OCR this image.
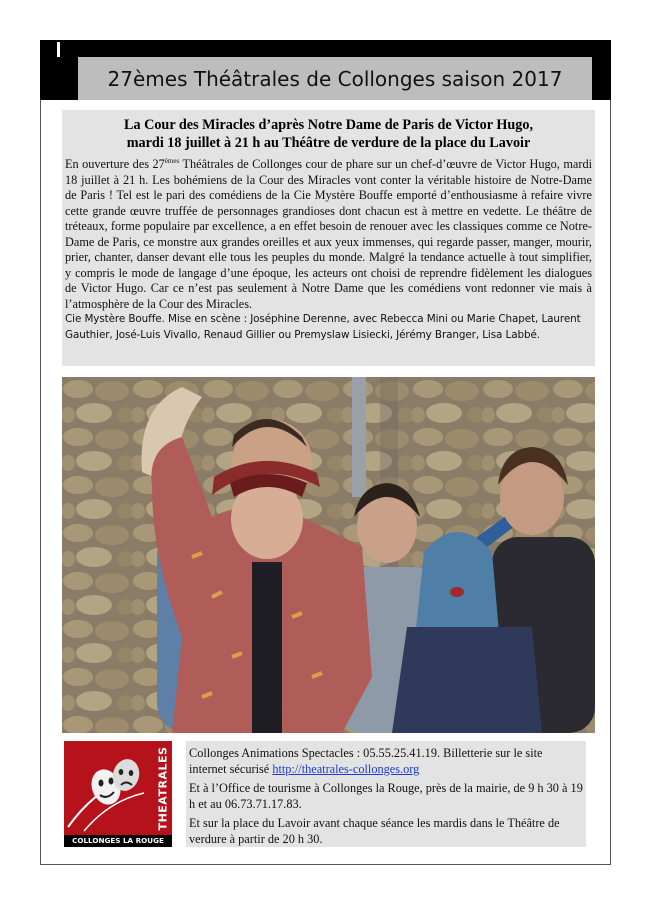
27èmes Théâtrales de Collonges saison 2017

La Cour des Miracles d’après Notre Dame de Paris de Victor Hugo,
mardi 18 juillet à 21 h au Théâtre de verdure de la place du Lavoir

En ouverture des 27èmes Théâtrales de Collonges cour de phare sur un chef-d’œuvre de Victor Hugo, mardi 18 juillet à 21 h. Les bohémiens de la Cour des Miracles vont conter la véritable histoire de Notre-Dame de Paris ! Tel est le pari des comédiens de la Cie Mystère Bouffe emporté d’enthousiasme à refaire vivre cette grande œuvre truffée de personnages grandioses dont chacun est à mettre en vedette. Le théâtre de tréteaux, forme populaire par excellence, a en effet besoin de renouer avec les classiques comme ce Notre-Dame de Paris, ce monstre aux grandes oreilles et aux yeux immenses, qui regarde passer, manger, mourir, prier, chanter, danser devant elle tous les peuples du monde. Malgré la tendance actuelle à tout simplifier, y compris le mode de langage d’une époque, les acteurs ont choisi de reprendre fidèlement les dialogues de Victor Hugo. Car ce n’est pas seulement à Notre Dame que les comédiens vont redonner vie mais à l’atmosphère de la Cour des Miracles.

Cie Mystère Bouffe. Mise en scène : Joséphine Derenne, avec Rebecca Mini ou Marie Chapet, Laurent Gauthier, José-Luis Vivallo, Renaud Gillier ou Premyslaw Lisiecki, Jérémy Branger, Lisa Labbé.

THEATRALES
COLLONGES LA ROUGE

Collonges Animations Spectacles : 05.55.25.41.19. Billetterie sur le site internet sécurisé http://theatrales-collonges.org

Et à l’Office de tourisme à Collonges la Rouge, près de la mairie, de 9 h 30 à 19 h et au 06.73.71.17.83.

Et sur la place du Lavoir avant chaque séance les mardis dans le Théâtre de verdure à partir de 20 h 30.
